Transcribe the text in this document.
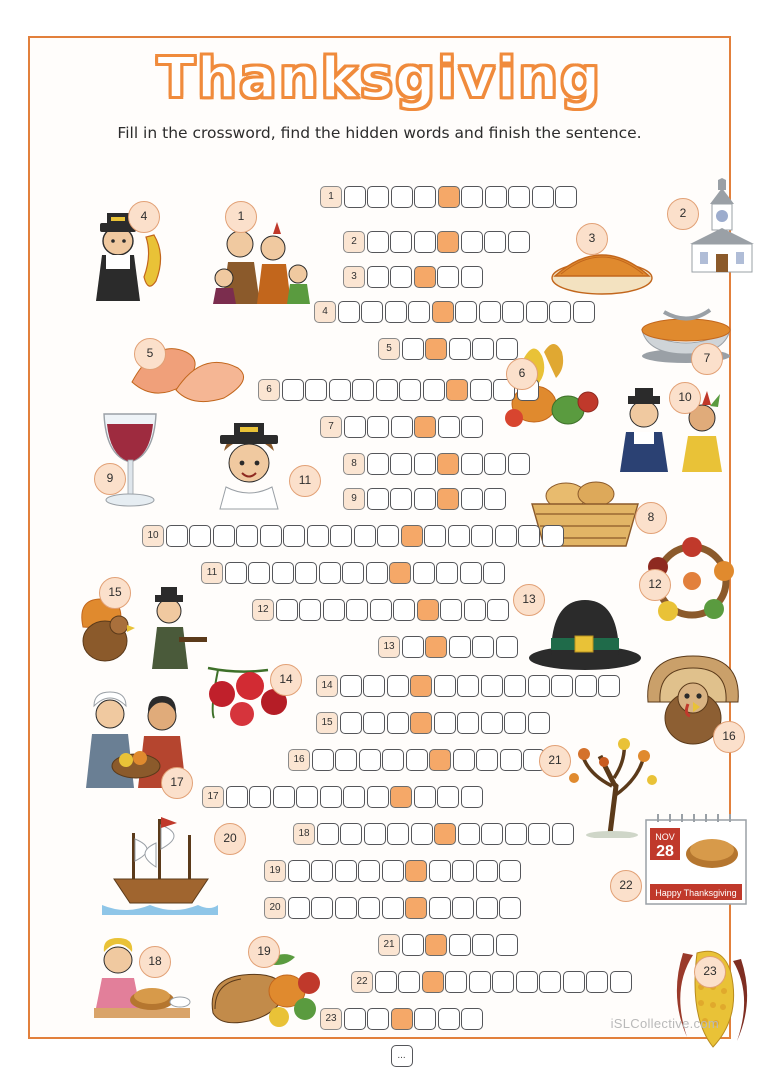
Thanksgiving
Fill in the crossword, find the hidden words and finish the sentence.
NOV
28
Happy Thanksgiving
1
2
3
4
5
6
7
8
9
10
11
12
13
14
15
16
17
18
19
20
21
22
23
...
4	1	2
3
5
6
7
10
9	11
8
12
15	13
14
16
17
21
20
22
18
19
23
iSLCollective.com
